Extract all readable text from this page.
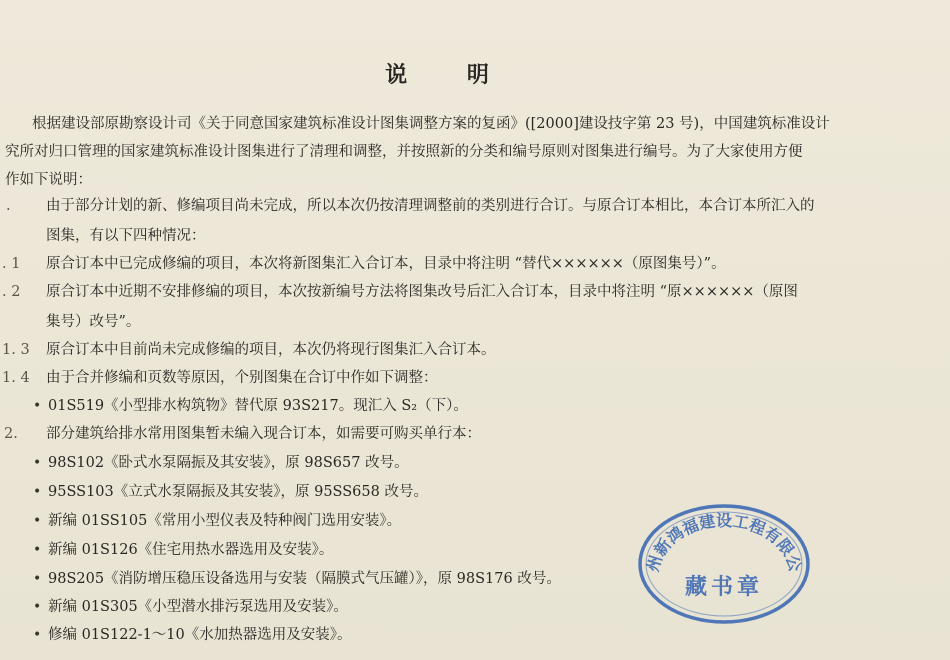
说 明
根据建设部原勘察设计司《关于同意国家建筑标准设计图集调整方案的复函》([2000]建设技字第 23 号)，中国建筑标准设计
究所对归口管理的国家建筑标准设计图集进行了清理和调整，并按照新的分类和编号原则对图集进行编号。为了大家使用方便
作如下说明：
. 由于部分计划的新、修编项目尚未完成，所以本次仍按清理调整前的类别进行合订。与原合订本相比，本合订本所汇入的
图集，有以下四种情况：
. 1 原合订本中已完成修编的项目，本次将新图集汇入合订本，目录中将注明 “替代××××××（原图集号）”。
. 2 原合订本中近期不安排修编的项目，本次按新编号方法将图集改号后汇入合订本，目录中将注明 “原××××××（原图
集号）改号”。
1. 3 原合订本中目前尚未完成修编的项目，本次仍将现行图集汇入合订本。
1. 4 由于合并修编和页数等原因，个别图集在合订中作如下调整：
• 01S519《小型排水构筑物》替代原 93S217。现汇入 S₂（下）。
2. 部分建筑给排水常用图集暂未编入现合订本，如需要可购买单行本：
• 98S102《卧式水泵隔振及其安装》，原 98S657 改号。
• 95SS103《立式水泵隔振及其安装》，原 95SS658 改号。
• 新编 01SS105《常用小型仪表及特种阀门选用安装》。
• 新编 01S126《住宅用热水器选用及安装》。
• 98S205《消防增压稳压设备选用与安装（隔膜式气压罐）》，原 98S176 改号。
• 新编 01S305《小型潜水排污泵选用及安装》。
• 修编 01S122-1～10《水加热器选用及安装》。
州新鸿福建设工程有限公
藏书章
